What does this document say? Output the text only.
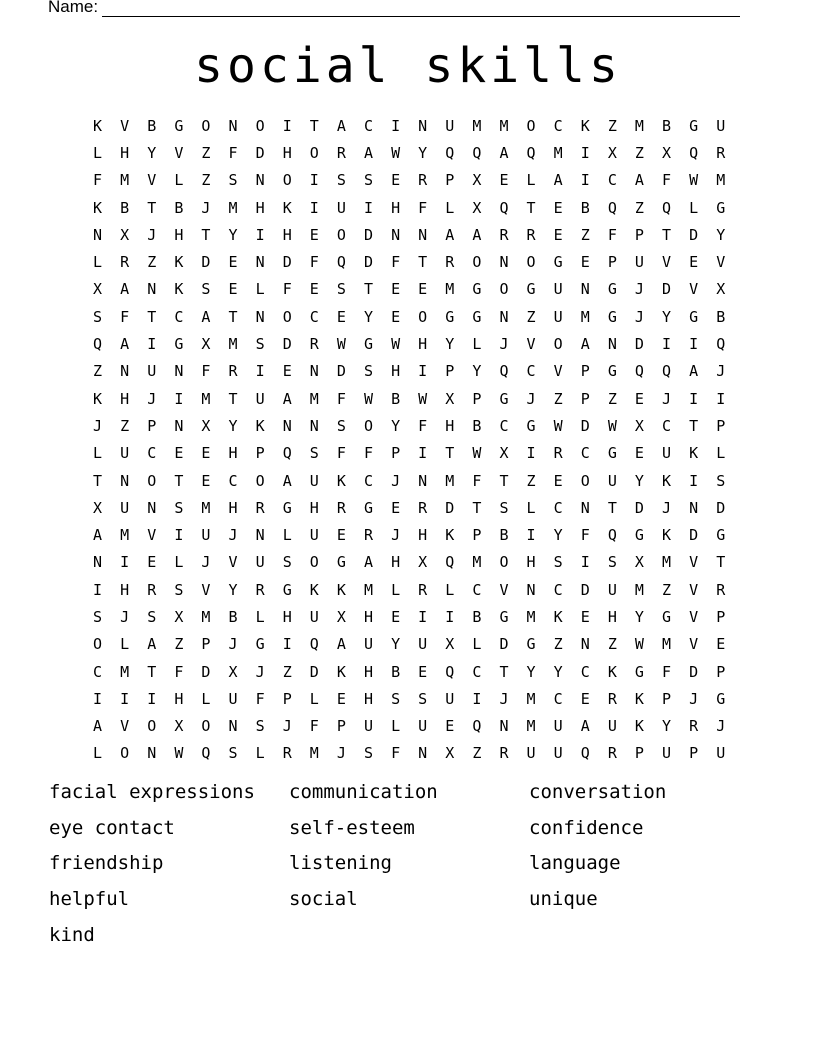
Name:
social skills
K	V	B	G	O	N	O	I	T	A	C	I	N	U	M	M	O	C	K	Z	M	B	G	U
L	H	Y	V	Z	F	D	H	O	R	A	W	Y	Q	Q	A	Q	M	I	X	Z	X	Q	R
F	M	V	L	Z	S	N	O	I	S	S	E	R	P	X	E	L	A	I	C	A	F	W	M
K	B	T	B	J	M	H	K	I	U	I	H	F	L	X	Q	T	E	B	Q	Z	Q	L	G
N	X	J	H	T	Y	I	H	E	O	D	N	N	A	A	R	R	E	Z	F	P	T	D	Y
L	R	Z	K	D	E	N	D	F	Q	D	F	T	R	O	N	O	G	E	P	U	V	E	V
X	A	N	K	S	E	L	F	E	S	T	E	E	M	G	O	G	U	N	G	J	D	V	X
S	F	T	C	A	T	N	O	C	E	Y	E	O	G	G	N	Z	U	M	G	J	Y	G	B
Q	A	I	G	X	M	S	D	R	W	G	W	H	Y	L	J	V	O	A	N	D	I	I	Q
Z	N	U	N	F	R	I	E	N	D	S	H	I	P	Y	Q	C	V	P	G	Q	Q	A	J
K	H	J	I	M	T	U	A	M	F	W	B	W	X	P	G	J	Z	P	Z	E	J	I	I
J	Z	P	N	X	Y	K	N	N	S	O	Y	F	H	B	C	G	W	D	W	X	C	T	P
L	U	C	E	E	H	P	Q	S	F	F	P	I	T	W	X	I	R	C	G	E	U	K	L
T	N	O	T	E	C	O	A	U	K	C	J	N	M	F	T	Z	E	O	U	Y	K	I	S
X	U	N	S	M	H	R	G	H	R	G	E	R	D	T	S	L	C	N	T	D	J	N	D
A	M	V	I	U	J	N	L	U	E	R	J	H	K	P	B	I	Y	F	Q	G	K	D	G
N	I	E	L	J	V	U	S	O	G	A	H	X	Q	M	O	H	S	I	S	X	M	V	T
I	H	R	S	V	Y	R	G	K	K	M	L	R	L	C	V	N	C	D	U	M	Z	V	R
S	J	S	X	M	B	L	H	U	X	H	E	I	I	B	G	M	K	E	H	Y	G	V	P
O	L	A	Z	P	J	G	I	Q	A	U	Y	U	X	L	D	G	Z	N	Z	W	M	V	E
C	M	T	F	D	X	J	Z	D	K	H	B	E	Q	C	T	Y	Y	C	K	G	F	D	P
I	I	I	H	L	U	F	P	L	E	H	S	S	U	I	J	M	C	E	R	K	P	J	G
A	V	O	X	O	N	S	J	F	P	U	L	U	E	Q	N	M	U	A	U	K	Y	R	J
L	O	N	W	Q	S	L	R	M	J	S	F	N	X	Z	R	U	U	Q	R	P	U	P	U
facial expressions	communication	conversation
eye contact	self-esteem	confidence
friendship	listening	language
helpful	social	unique
kind
